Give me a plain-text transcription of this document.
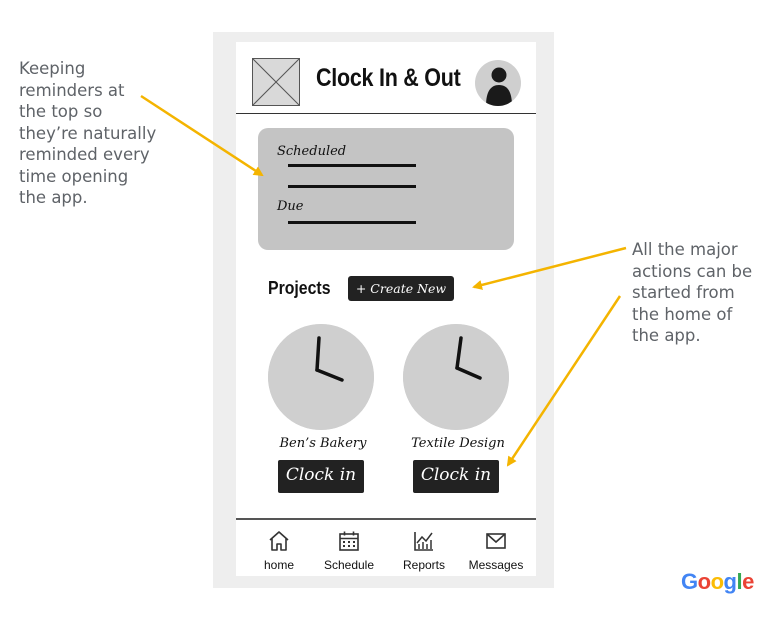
Keeping
reminders at
the top so
they’re naturally
reminded every
time opening
the app.
All the major
actions can be
started from
the home of
the app.
Clock In & Out
Scheduled
Due
Projects	+ Create New
Ben’s Bakery
Clock in
Textile Design
Clock in
home	Schedule	Reports	Messages
Google
